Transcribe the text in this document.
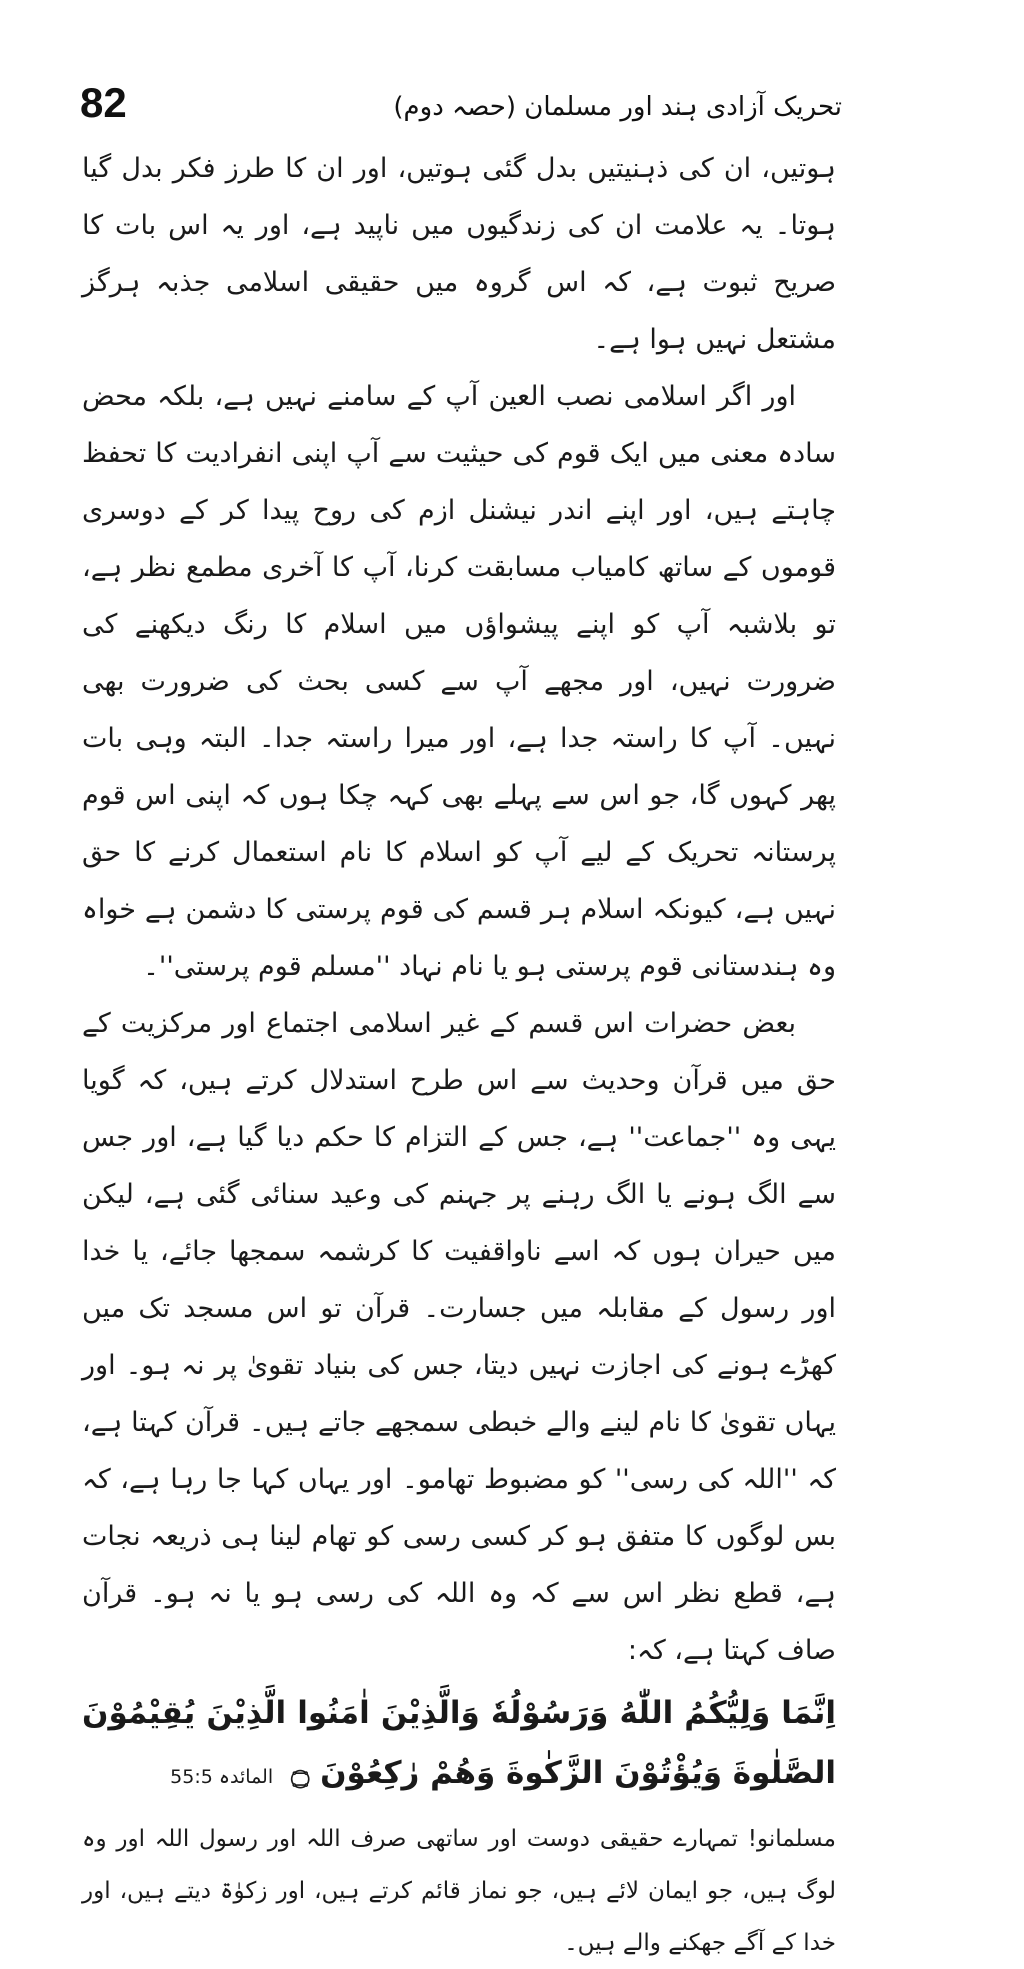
82	تحریک آزادی ہند اور مسلمان (حصہ دوم)

ہوتیں، ان کی ذہنیتیں بدل گئی ہوتیں، اور ان کا طرز فکر بدل گیا ہوتا۔ یہ علامت ان کی زندگیوں میں ناپید ہے، اور یہ اس بات کا صریح ثبوت ہے، کہ اس گروہ میں حقیقی اسلامی جذبہ ہرگز مشتعل نہیں ہوا ہے۔

اور اگر اسلامی نصب العین آپ کے سامنے نہیں ہے، بلکہ محض سادہ معنی میں ایک قوم کی حیثیت سے آپ اپنی انفرادیت کا تحفظ چاہتے ہیں، اور اپنے اندر نیشنل ازم کی روح پیدا کر کے دوسری قوموں کے ساتھ کامیاب مسابقت کرنا، آپ کا آخری مطمع نظر ہے، تو بلاشبہ آپ کو اپنے پیشواؤں میں اسلام کا رنگ دیکھنے کی ضرورت نہیں، اور مجھے آپ سے کسی بحث کی ضرورت بھی نہیں۔ آپ کا راستہ جدا ہے، اور میرا راستہ جدا۔ البتہ وہی بات پھر کہوں گا، جو اس سے پہلے بھی کہہ چکا ہوں کہ اپنی اس قوم پرستانہ تحریک کے لیے آپ کو اسلام کا نام استعمال کرنے کا حق نہیں ہے، کیونکہ اسلام ہر قسم کی قوم پرستی کا دشمن ہے خواہ وہ ہندستانی قوم پرستی ہو یا نام نہاد ''مسلم قوم پرستی''۔

بعض حضرات اس قسم کے غیر اسلامی اجتماع اور مرکزیت کے حق میں قرآن وحدیث سے اس طرح استدلال کرتے ہیں، کہ گویا یہی وہ ''جماعت'' ہے، جس کے التزام کا حکم دیا گیا ہے، اور جس سے الگ ہونے یا الگ رہنے پر جہنم کی وعید سنائی گئی ہے، لیکن میں حیران ہوں کہ اسے ناواقفیت کا کرشمہ سمجھا جائے، یا خدا اور رسول کے مقابلہ میں جسارت۔ قرآن تو اس مسجد تک میں کھڑے ہونے کی اجازت نہیں دیتا، جس کی بنیاد تقویٰ پر نہ ہو۔ اور یہاں تقویٰ کا نام لینے والے خبطی سمجھے جاتے ہیں۔ قرآن کہتا ہے، کہ ''اللہ کی رسی'' کو مضبوط تھامو۔ اور یہاں کہا جا رہا ہے، کہ بس لوگوں کا متفق ہو کر کسی رسی کو تھام لینا ہی ذریعہ نجات ہے، قطع نظر اس سے کہ وہ اللہ کی رسی ہو یا نہ ہو۔ قرآن صاف کہتا ہے، کہ:

اِنَّمَا وَلِيُّكُمُ اللّٰهُ وَرَسُوْلُهٗ وَالَّذِيْنَ اٰمَنُوا الَّذِيْنَ يُقِيْمُوْنَ الصَّلٰوةَ وَيُؤْتُوْنَ الزَّكٰوةَ وَهُمْ رٰكِعُوْنَ ۝المائدہ 55:5

مسلمانو! تمہارے حقیقی دوست اور ساتھی صرف اللہ اور رسول اللہ اور وہ لوگ ہیں، جو ایمان لائے ہیں، جو نماز قائم کرتے ہیں، اور زکوٰۃ دیتے ہیں، اور خدا کے آگے جھکنے والے ہیں۔
